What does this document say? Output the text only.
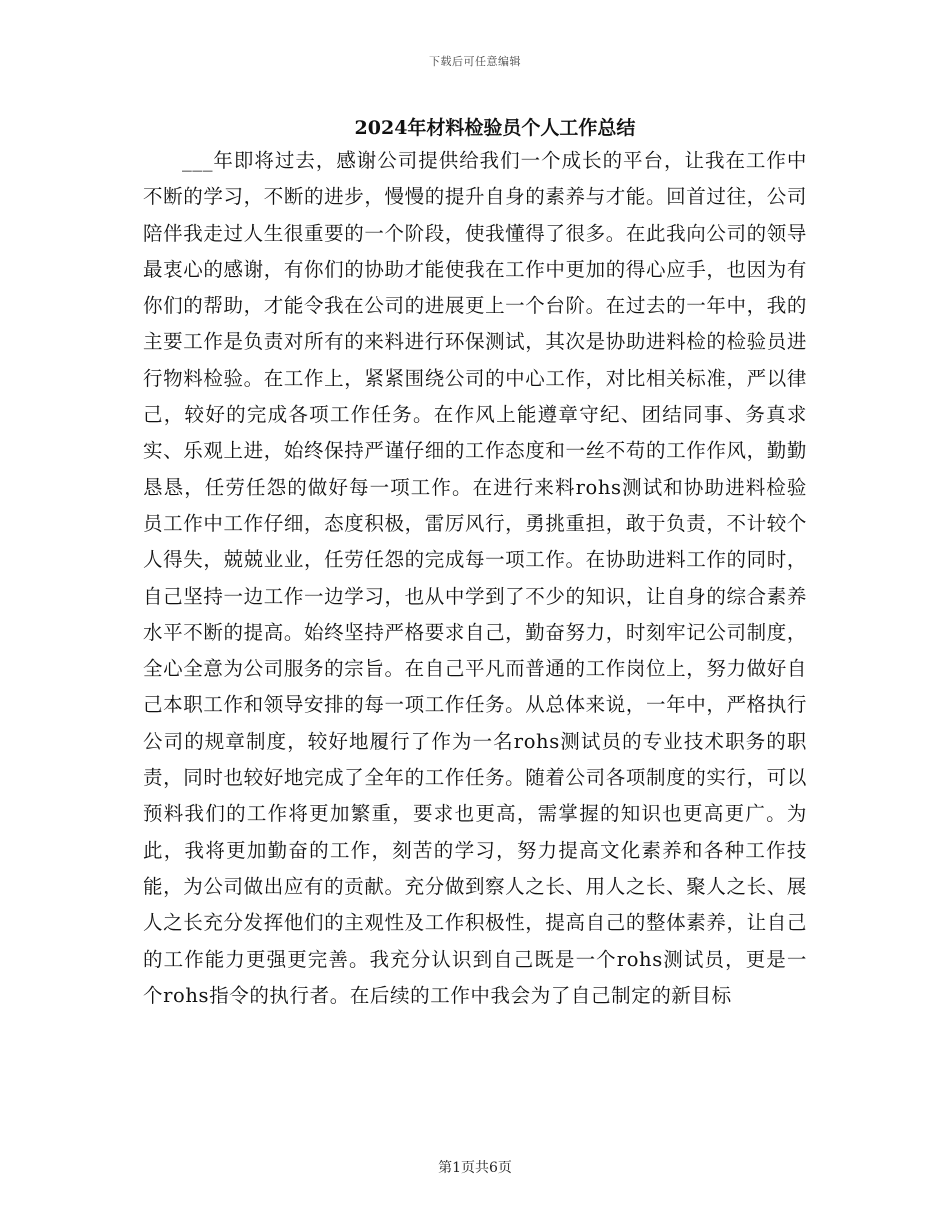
下载后可任意编辑
2024年材料检验员个人工作总结

___年即将过去，感谢公司提供给我们一个成长的平台，让我在工作中不断的学习，不断的进步，慢慢的提升自身的素养与才能。回首过往，公司陪伴我走过人生很重要的一个阶段，使我懂得了很多。在此我向公司的领导最衷心的感谢，有你们的协助才能使我在工作中更加的得心应手，也因为有你们的帮助，才能令我在公司的进展更上一个台阶。在过去的一年中，我的主要工作是负责对所有的来料进行环保测试，其次是协助进料检的检验员进行物料检验。在工作上，紧紧围绕公司的中心工作，对比相关标准，严以律己，较好的完成各项工作任务。在作风上能遵章守纪、团结同事、务真求实、乐观上进，始终保持严谨仔细的工作态度和一丝不苟的工作作风，勤勤恳恳，任劳任怨的做好每一项工作。在进行来料rohs测试和协助进料检验员工作中工作仔细，态度积极，雷厉风行，勇挑重担，敢于负责，不计较个人得失，兢兢业业，任劳任怨的完成每一项工作。在协助进料工作的同时，自己坚持一边工作一边学习，也从中学到了不少的知识，让自身的综合素养水平不断的提高。始终坚持严格要求自己，勤奋努力，时刻牢记公司制度，全心全意为公司服务的宗旨。在自己平凡而普通的工作岗位上，努力做好自己本职工作和领导安排的每一项工作任务。从总体来说，一年中，严格执行公司的规章制度，较好地履行了作为一名rohs测试员的专业技术职务的职责，同时也较好地完成了全年的工作任务。随着公司各项制度的实行，可以预料我们的工作将更加繁重，要求也更高，需掌握的知识也更高更广。为此，我将更加勤奋的工作，刻苦的学习，努力提高文化素养和各种工作技能，为公司做出应有的贡献。充分做到察人之长、用人之长、聚人之长、展人之长充分发挥他们的主观性及工作积极性，提高自己的整体素养，让自己的工作能力更强更完善。我充分认识到自己既是一个rohs测试员，更是一个rohs指令的执行者。在后续的工作中我会为了自己制定的新目标

第1页共6页
